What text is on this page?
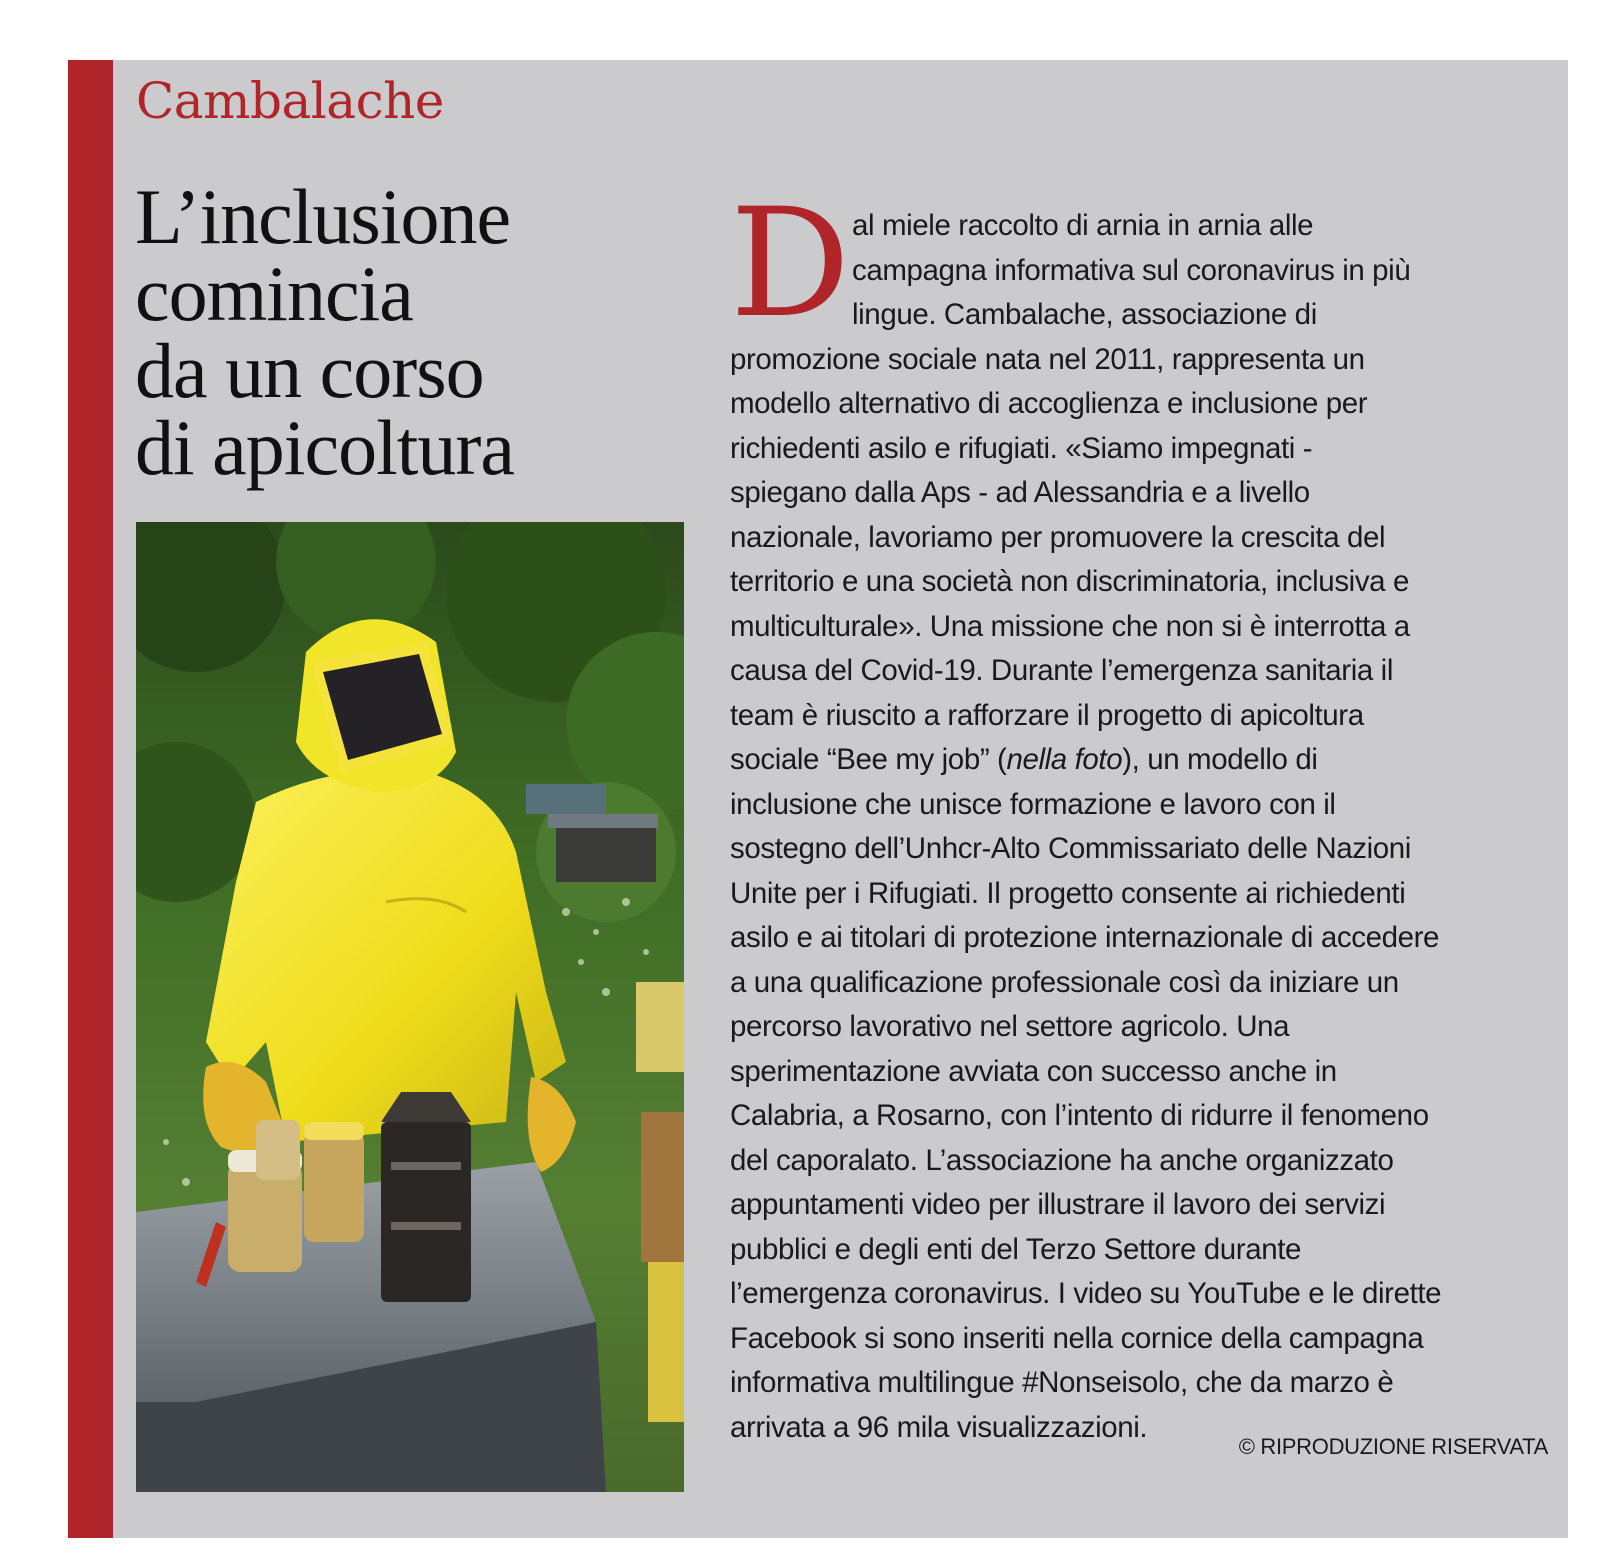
Cambalache
L’inclusione
comincia
da un corso
di apicoltura
D al miele raccolto di arnia in arnia alle
campagna informativa sul coronavirus in più
lingue. Cambalache, associazione di
promozione sociale nata nel 2011, rappresenta un
modello alternativo di accoglienza e inclusione per
richiedenti asilo e rifugiati. «Siamo impegnati -
spiegano dalla Aps - ad Alessandria e a livello
nazionale, lavoriamo per promuovere la crescita del
territorio e una società non discriminatoria, inclusiva e
multiculturale». Una missione che non si è interrotta a
causa del Covid-19. Durante l’emergenza sanitaria il
team è riuscito a rafforzare il progetto di apicoltura
sociale “Bee my job” (nella foto), un modello di
inclusione che unisce formazione e lavoro con il
sostegno dell’Unhcr-Alto Commissariato delle Nazioni
Unite per i Rifugiati. Il progetto consente ai richiedenti
asilo e ai titolari di protezione internazionale di accedere
a una qualificazione professionale così da iniziare un
percorso lavorativo nel settore agricolo. Una
sperimentazione avviata con successo anche in
Calabria, a Rosarno, con l’intento di ridurre il fenomeno
del caporalato. L’associazione ha anche organizzato
appuntamenti video per illustrare il lavoro dei servizi
pubblici e degli enti del Terzo Settore durante
l’emergenza coronavirus. I video su YouTube e le dirette
Facebook si sono inseriti nella cornice della campagna
informativa multilingue #Nonseisolo, che da marzo è
arrivata a 96 mila visualizzazioni.
© RIPRODUZIONE RISERVATA
